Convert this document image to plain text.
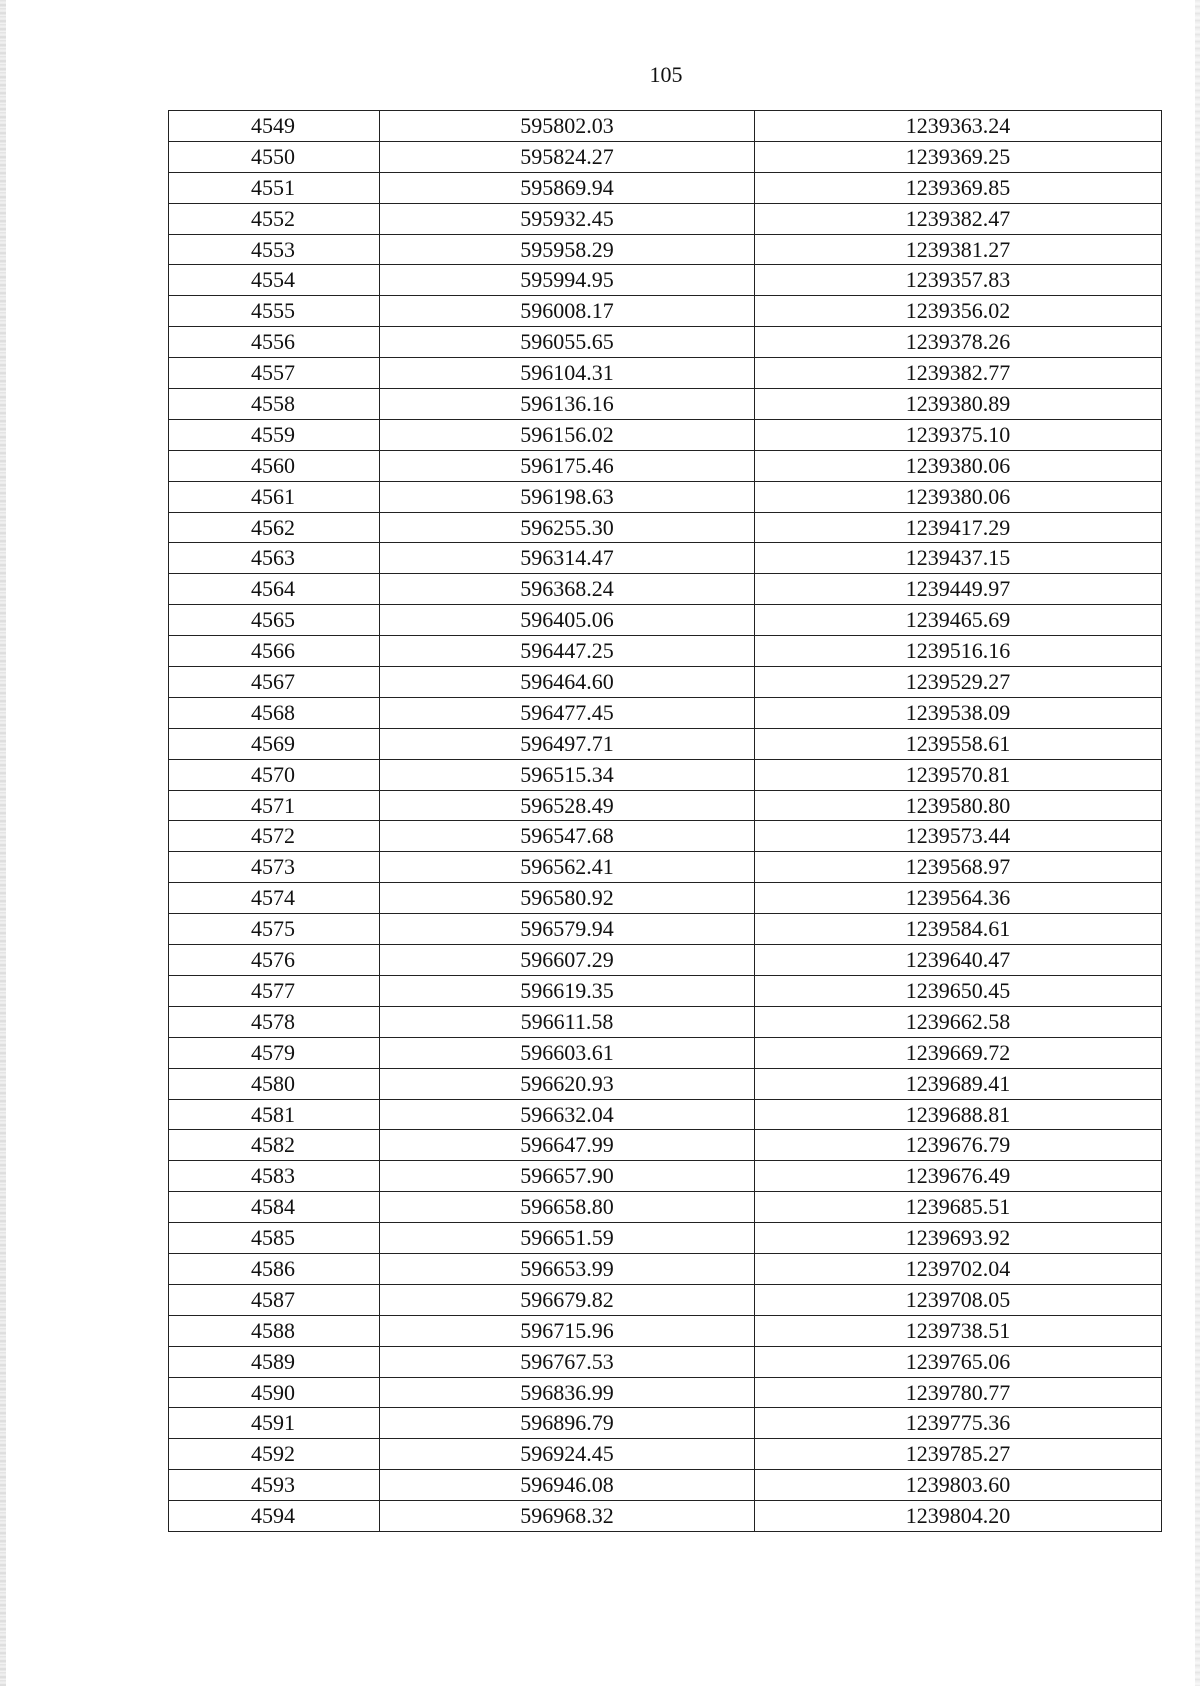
105
4549	595802.03	1239363.24
4550	595824.27	1239369.25
4551	595869.94	1239369.85
4552	595932.45	1239382.47
4553	595958.29	1239381.27
4554	595994.95	1239357.83
4555	596008.17	1239356.02
4556	596055.65	1239378.26
4557	596104.31	1239382.77
4558	596136.16	1239380.89
4559	596156.02	1239375.10
4560	596175.46	1239380.06
4561	596198.63	1239380.06
4562	596255.30	1239417.29
4563	596314.47	1239437.15
4564	596368.24	1239449.97
4565	596405.06	1239465.69
4566	596447.25	1239516.16
4567	596464.60	1239529.27
4568	596477.45	1239538.09
4569	596497.71	1239558.61
4570	596515.34	1239570.81
4571	596528.49	1239580.80
4572	596547.68	1239573.44
4573	596562.41	1239568.97
4574	596580.92	1239564.36
4575	596579.94	1239584.61
4576	596607.29	1239640.47
4577	596619.35	1239650.45
4578	596611.58	1239662.58
4579	596603.61	1239669.72
4580	596620.93	1239689.41
4581	596632.04	1239688.81
4582	596647.99	1239676.79
4583	596657.90	1239676.49
4584	596658.80	1239685.51
4585	596651.59	1239693.92
4586	596653.99	1239702.04
4587	596679.82	1239708.05
4588	596715.96	1239738.51
4589	596767.53	1239765.06
4590	596836.99	1239780.77
4591	596896.79	1239775.36
4592	596924.45	1239785.27
4593	596946.08	1239803.60
4594	596968.32	1239804.20
